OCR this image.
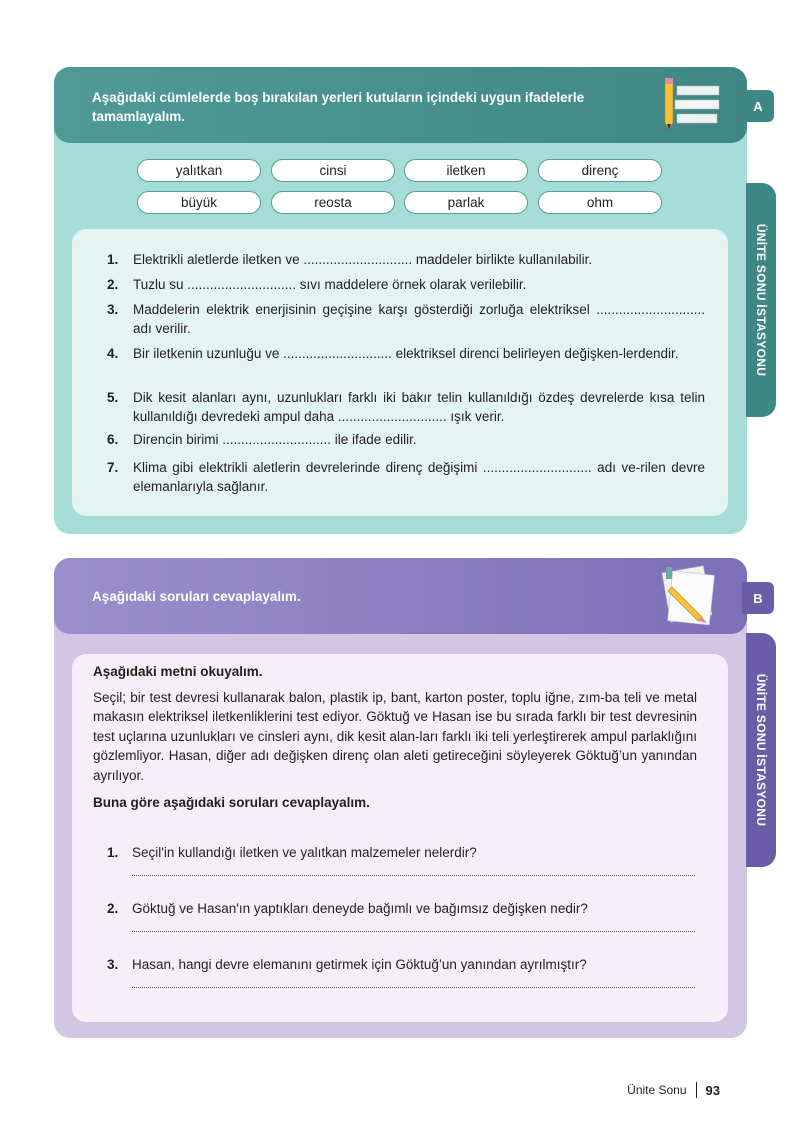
Aşağıdaki cümlelerde boş bırakılan yerleri kutuların içindeki uygun ifadelerle tamamlayalım.
A
ÜNİTE SONU İSTASYONU
yalıtkan	cinsi	iletken	direnç
büyük	reosta	parlak	ohm
1. Elektrikli aletlerde iletken ve ............................. maddeler birlikte kullanılabilir.
2. Tuzlu su ............................. sıvı maddelere örnek olarak verilebilir.
3. Maddelerin elektrik enerjisinin geçişine karşı gösterdiği zorluğa elektriksel ............................. adı verilir.
4. Bir iletkenin uzunluğu ve ............................. elektriksel direnci belirleyen değişken-lerdendir.
5. Dik kesit alanları aynı, uzunlukları farklı iki bakır telin kullanıldığı özdeş devrelerde kısa telin kullanıldığı devredeki ampul daha ............................. ışık verir.
6. Direncin birimi ............................. ile ifade edilir.
7. Klima gibi elektrikli aletlerin devrelerinde direnç değişimi ............................. adı ve-rilen devre elemanlarıyla sağlanır.
Aşağıdaki soruları cevaplayalım.	B
ÜNİTE SONU İSTASYONU
Aşağıdaki metni okuyalım.
Seçil; bir test devresi kullanarak balon, plastik ip, bant, karton poster, toplu iğne, zım-ba teli ve metal makasın elektriksel iletkenliklerini test ediyor. Göktuğ ve Hasan ise bu sırada farklı bir test devresinin test uçlarına uzunlukları ve cinsleri aynı, dik kesit alan-ları farklı iki teli yerleştirerek ampul parlaklığını gözlemliyor. Hasan, diğer adı değişken direnç olan aleti getireceğini söyleyerek Göktuğ’un yanından ayrılıyor.
Buna göre aşağıdaki soruları cevaplayalım.
1. Seçil'in kullandığı iletken ve yalıtkan malzemeler nelerdir?
2. Göktuğ ve Hasan'ın yaptıkları deneyde bağımlı ve bağımsız değişken nedir?
3. Hasan, hangi devre elemanını getirmek için Göktuğ’un yanından ayrılmıştır?
Ünite Sonu 93
